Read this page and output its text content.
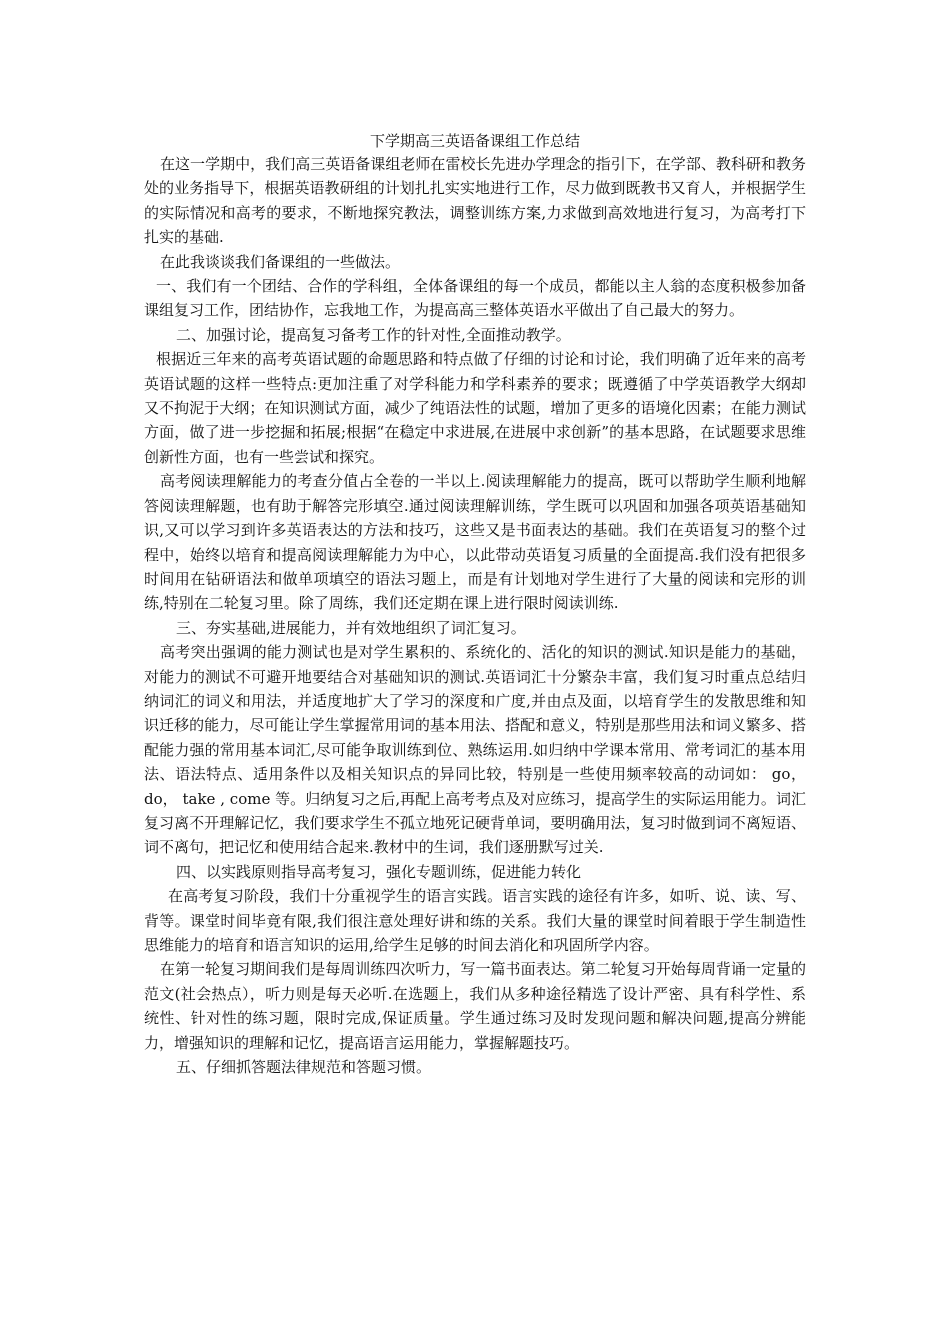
下学期高三英语备课组工作总结

在这一学期中，我们高三英语备课组老师在雷校长先进办学理念的指引下，在学部、教科研和教务处的业务指导下，根据英语教研组的计划扎扎实实地进行工作，尽力做到既教书又育人，并根据学生的实际情况和高考的要求，不断地探究教法，调整训练方案,力求做到高效地进行复习，为高考打下扎实的基础.

在此我谈谈我们备课组的一些做法。

一、我们有一个团结、合作的学科组，全体备课组的每一个成员，都能以主人翁的态度积极参加备课组复习工作，团结协作，忘我地工作，为提高高三整体英语水平做出了自己最大的努力。

二、加强讨论，提高复习备考工作的针对性,全面推动教学。

根据近三年来的高考英语试题的命题思路和特点做了仔细的讨论和讨论，我们明确了近年来的高考英语试题的这样一些特点:更加注重了对学科能力和学科素养的要求；既遵循了中学英语教学大纲却又不拘泥于大纲；在知识测试方面，减少了纯语法性的试题，增加了更多的语境化因素；在能力测试方面，做了进一步挖掘和拓展;根据“在稳定中求进展,在进展中求创新”的基本思路，在试题要求思维创新性方面，也有一些尝试和探究。

高考阅读理解能力的考查分值占全卷的一半以上.阅读理解能力的提高，既可以帮助学生顺利地解答阅读理解题，也有助于解答完形填空.通过阅读理解训练，学生既可以巩固和加强各项英语基础知识,又可以学习到许多英语表达的方法和技巧，这些又是书面表达的基础。我们在英语复习的整个过程中，始终以培育和提高阅读理解能力为中心，以此带动英语复习质量的全面提高.我们没有把很多时间用在钻研语法和做单项填空的语法习题上，而是有计划地对学生进行了大量的阅读和完形的训练,特别在二轮复习里。除了周练，我们还定期在课上进行限时阅读训练.

三、夯实基础,进展能力，并有效地组织了词汇复习。

高考突出强调的能力测试也是对学生累积的、系统化的、活化的知识的测试.知识是能力的基础，对能力的测试不可避开地要结合对基础知识的测试.英语词汇十分繁杂丰富，我们复习时重点总结归纳词汇的词义和用法，并适度地扩大了学习的深度和广度,并由点及面，以培育学生的发散思维和知识迁移的能力，尽可能让学生掌握常用词的基本用法、搭配和意义，特别是那些用法和词义繁多、搭配能力强的常用基本词汇,尽可能争取训练到位、熟练运用.如归纳中学课本常用、常考词汇的基本用法、语法特点、适用条件以及相关知识点的异同比较，特别是一些使用频率较高的动词如： go，do， take , come 等。归纳复习之后,再配上高考考点及对应练习，提高学生的实际运用能力。词汇复习离不开理解记忆，我们要求学生不孤立地死记硬背单词，要明确用法，复习时做到词不离短语、词不离句，把记忆和使用结合起来.教材中的生词，我们逐册默写过关.

四、以实践原则指导高考复习，强化专题训练，促进能力转化

在高考复习阶段，我们十分重视学生的语言实践。语言实践的途径有许多，如听、说、读、写、背等。课堂时间毕竟有限,我们很注意处理好讲和练的关系。我们大量的课堂时间着眼于学生制造性思维能力的培育和语言知识的运用,给学生足够的时间去消化和巩固所学内容。

在第一轮复习期间我们是每周训练四次听力，写一篇书面表达。第二轮复习开始每周背诵一定量的范文(社会热点），听力则是每天必听.在选题上，我们从多种途径精选了设计严密、具有科学性、系统性、针对性的练习题，限时完成,保证质量。学生通过练习及时发现问题和解决问题,提高分辨能力，增强知识的理解和记忆，提高语言运用能力，掌握解题技巧。

五、仔细抓答题法律规范和答题习惯。
